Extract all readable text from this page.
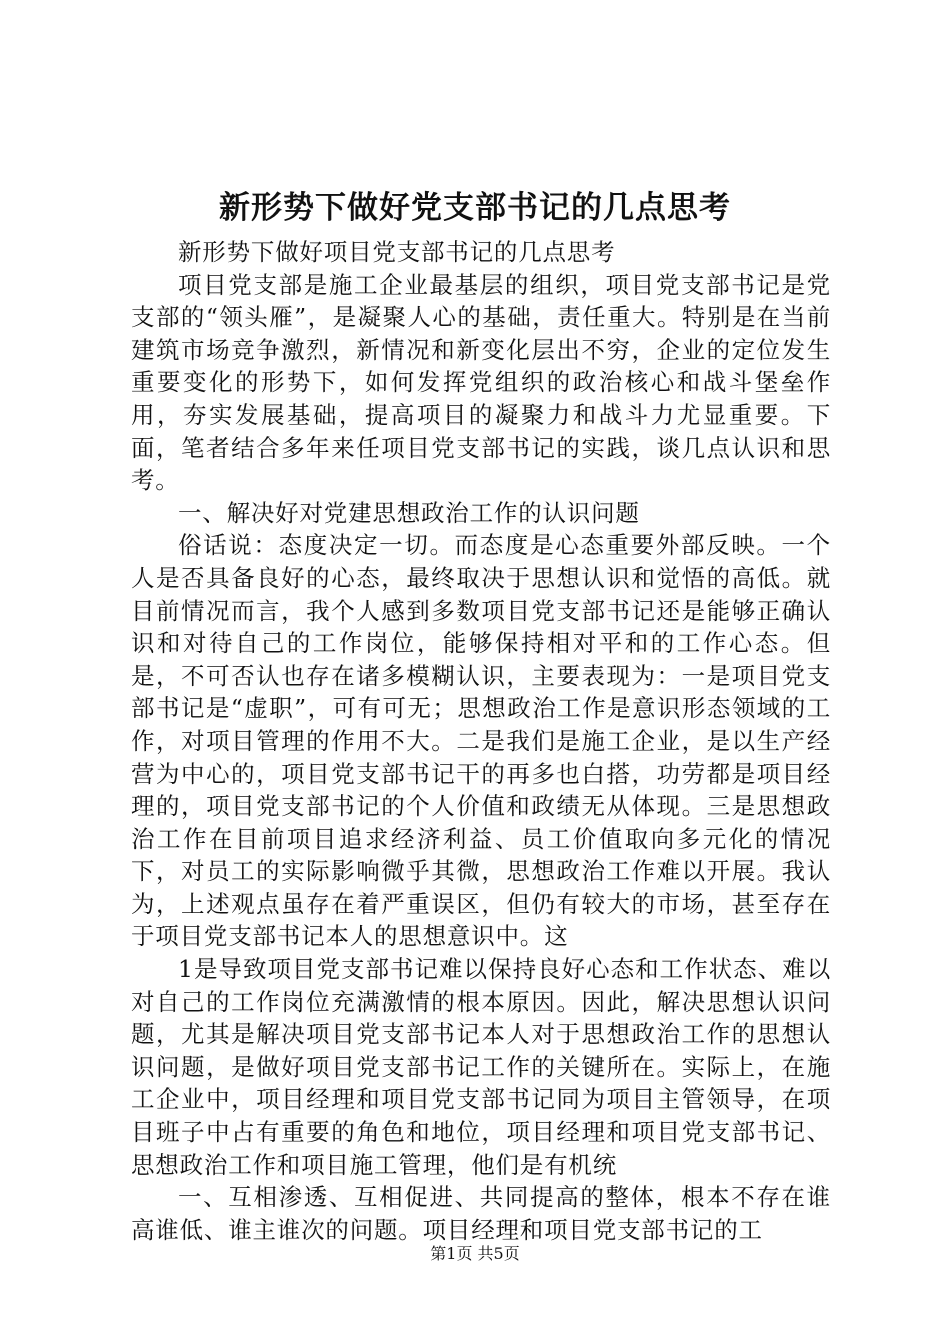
新形势下做好党支部书记的几点思考

新形势下做好项目党支部书记的几点思考

项目党支部是施工企业最基层的组织，项目党支部书记是党支部的“领头雁”，是凝聚人心的基础，责任重大。特别是在当前建筑市场竞争激烈，新情况和新变化层出不穷，企业的定位发生重要变化的形势下，如何发挥党组织的政治核心和战斗堡垒作用，夯实发展基础，提高项目的凝聚力和战斗力尤显重要。下面，笔者结合多年来任项目党支部书记的实践，谈几点认识和思考。

一、解决好对党建思想政治工作的认识问题

俗话说：态度决定一切。而态度是心态重要外部反映。一个人是否具备良好的心态，最终取决于思想认识和觉悟的高低。就目前情况而言，我个人感到多数项目党支部书记还是能够正确认识和对待自己的工作岗位，能够保持相对平和的工作心态。但是，不可否认也存在诸多模糊认识，主要表现为：一是项目党支部书记是“虚职”，可有可无；思想政治工作是意识形态领域的工作，对项目管理的作用不大。二是我们是施工企业，是以生产经营为中心的，项目党支部书记干的再多也白搭，功劳都是项目经理的，项目党支部书记的个人价值和政绩无从体现。三是思想政治工作在目前项目追求经济利益、员工价值取向多元化的情况下，对员工的实际影响微乎其微，思想政治工作难以开展。我认为，上述观点虽存在着严重误区，但仍有较大的市场，甚至存在于项目党支部书记本人的思想意识中。这

1是导致项目党支部书记难以保持良好心态和工作状态、难以对自己的工作岗位充满激情的根本原因。因此，解决思想认识问题，尤其是解决项目党支部书记本人对于思想政治工作的思想认识问题，是做好项目党支部书记工作的关键所在。实际上，在施工企业中，项目经理和项目党支部书记同为项目主管领导，在项目班子中占有重要的角色和地位，项目经理和项目党支部书记、思想政治工作和项目施工管理，他们是有机统

一、互相渗透、互相促进、共同提高的整体，根本不存在谁高谁低、谁主谁次的问题。项目经理和项目党支部书记的工

第1页 共5页
